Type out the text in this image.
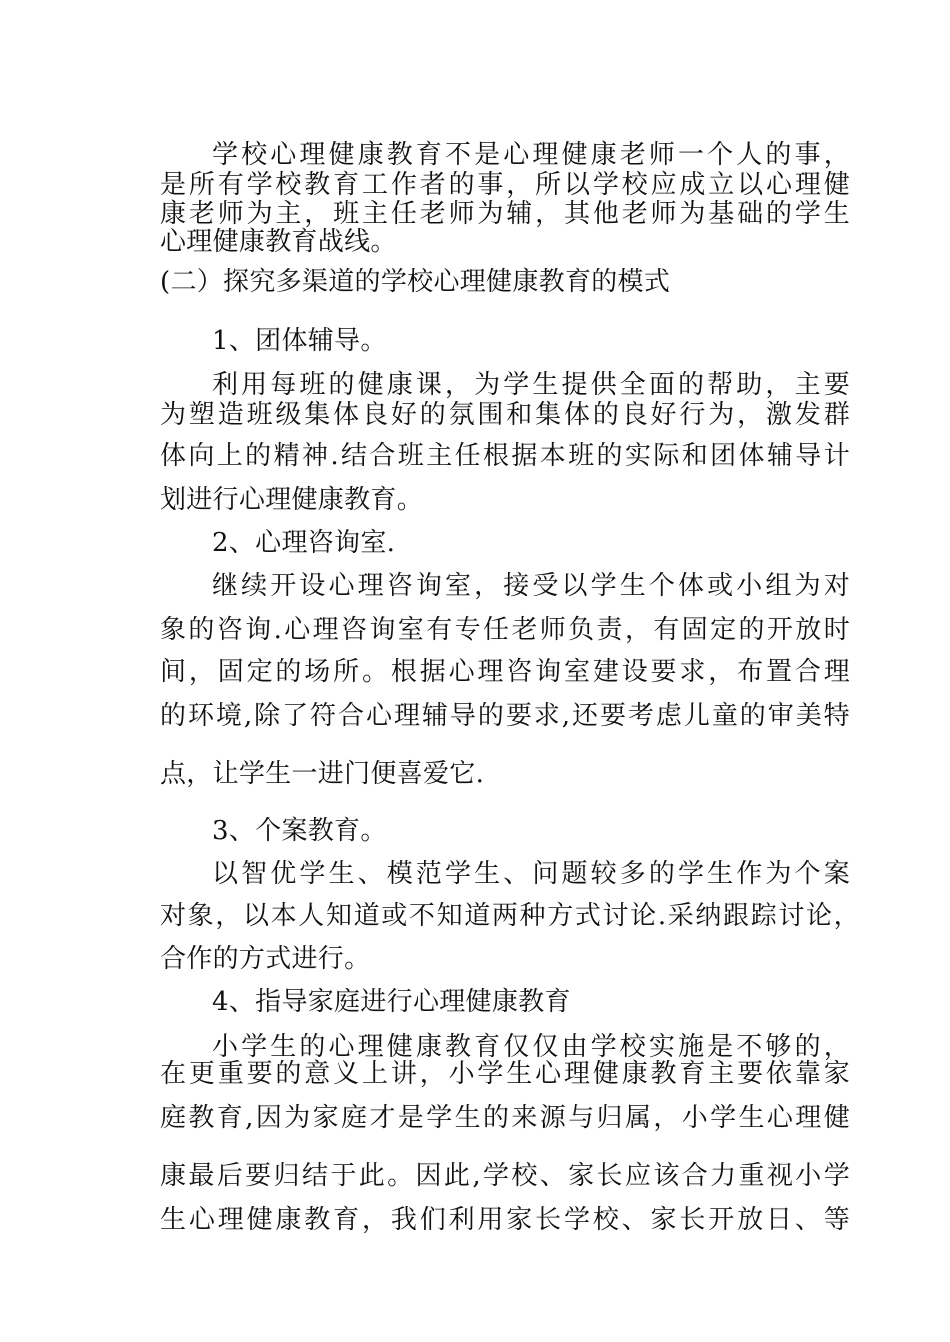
学校心理健康教育不是心理健康老师一个人的事，
是所有学校教育工作者的事，所以学校应成立以心理健
康老师为主，班主任老师为辅，其他老师为基础的学生
心理健康教育战线。
(二）探究多渠道的学校心理健康教育的模式
1、团体辅导。
利用每班的健康课，为学生提供全面的帮助，主要
为塑造班级集体良好的氛围和集体的良好行为，激发群
体向上的精神.结合班主任根据本班的实际和团体辅导计
划进行心理健康教育。
2、心理咨询室.
继续开设心理咨询室，接受以学生个体或小组为对
象的咨询.心理咨询室有专任老师负责，有固定的开放时
间，固定的场所。根据心理咨询室建设要求，布置合理
的环境,除了符合心理辅导的要求,还要考虑儿童的审美特
点，让学生一进门便喜爱它.
3、个案教育。
以智优学生、模范学生、问题较多的学生作为个案
对象，以本人知道或不知道两种方式讨论.采纳跟踪讨论，
合作的方式进行。
4、指导家庭进行心理健康教育
小学生的心理健康教育仅仅由学校实施是不够的，
在更重要的意义上讲，小学生心理健康教育主要依靠家
庭教育,因为家庭才是学生的来源与归属，小学生心理健
康最后要归结于此。因此,学校、家长应该合力重视小学
生心理健康教育，我们利用家长学校、家长开放日、等
